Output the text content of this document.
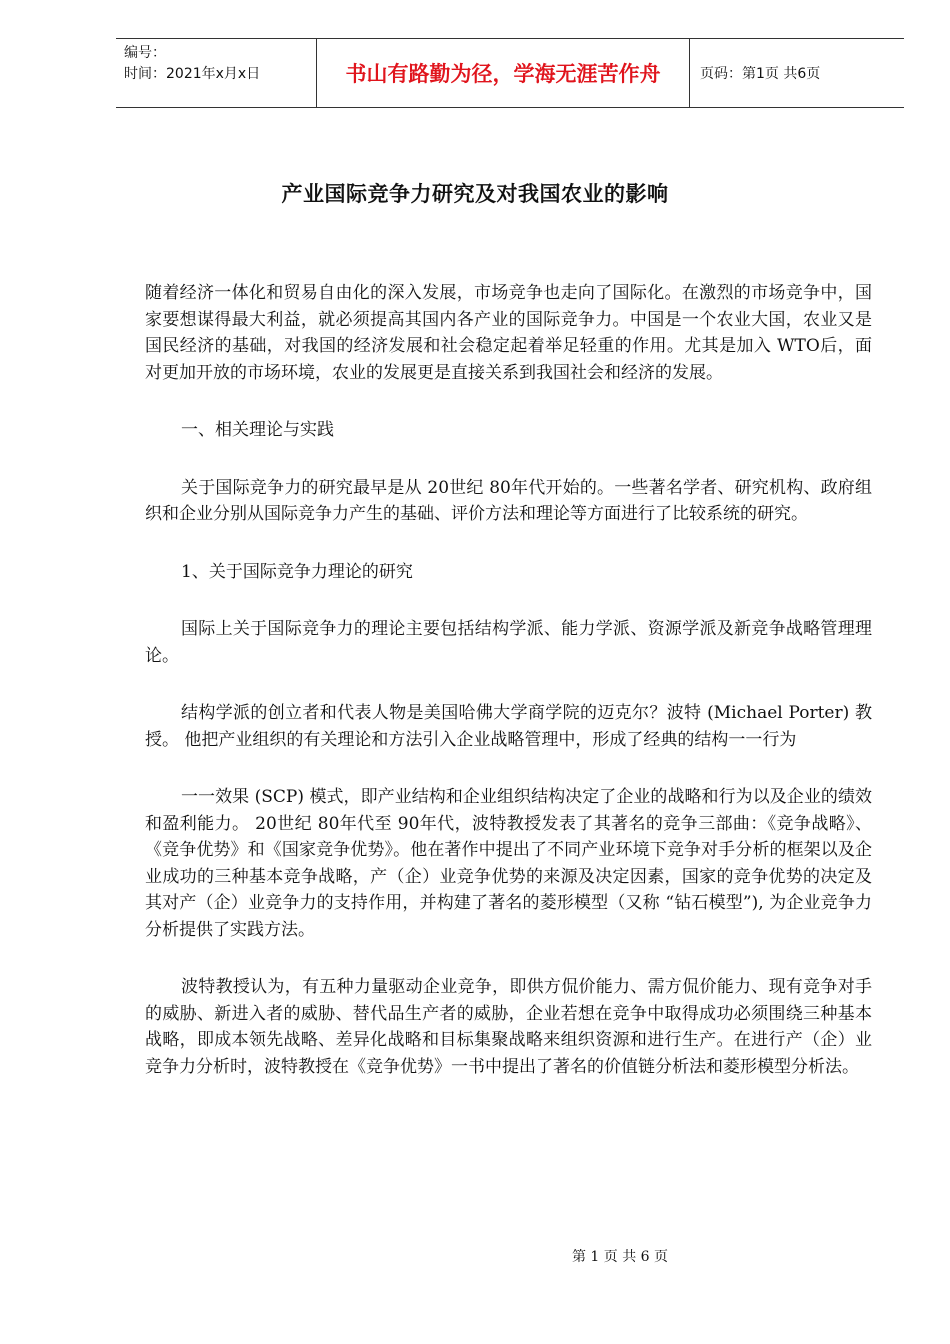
编号：
时间：2021年x月x日	书山有路勤为径，学海无涯苦作舟	页码：第1页 共6页
产业国际竞争力研究及对我国农业的影响

随着经济一体化和贸易自由化的深入发展，市场竞争也走向了国际化。在激烈的市场竞争中，国家要想谋得最大利益，就必须提高其国内各产业的国际竞争力。中国是一个农业大国，农业又是国民经济的基础，对我国的经济发展和社会稳定起着举足轻重的作用。尤其是加入 WTO后，面对更加开放的市场环境，农业的发展更是直接关系到我国社会和经济的发展。

一、相关理论与实践

关于国际竞争力的研究最早是从 20世纪 80年代开始的。一些著名学者、研究机构、政府组织和企业分别从国际竞争力产生的基础、评价方法和理论等方面进行了比较系统的研究。

1、关于国际竞争力理论的研究

国际上关于国际竞争力的理论主要包括结构学派、能力学派、资源学派及新竞争战略管理理论。

结构学派的创立者和代表人物是美国哈佛大学商学院的迈克尔？波特 (Michael Porter) 教授。 他把产业组织的有关理论和方法引入企业战略管理中，形成了经典的结构一一行为

一一效果 (SCP) 模式，即产业结构和企业组织结构决定了企业的战略和行为以及企业的绩效和盈利能力。 20世纪 80年代至 90年代，波特教授发表了其著名的竞争三部曲：《竞争战略》、《竞争优势》和《国家竞争优势》。他在著作中提出了不同产业环境下竞争对手分析的框架以及企业成功的三种基本竞争战略，产（企）业竞争优势的来源及决定因素，国家的竞争优势的决定及其对产（企）业竞争力的支持作用，并构建了著名的菱形模型（又称 “钻石模型”), 为企业竞争力分析提供了实践方法。

波特教授认为，有五种力量驱动企业竞争，即供方侃价能力、需方侃价能力、现有竞争对手的威胁、新进入者的威胁、替代品生产者的威胁，企业若想在竞争中取得成功必须围绕三种基本战略，即成本领先战略、差异化战略和目标集聚战略来组织资源和进行生产。在进行产（企）业竞争力分析时，波特教授在《竞争优势》一书中提出了著名的价值链分析法和菱形模型分析法。

第 1 页 共 6 页
